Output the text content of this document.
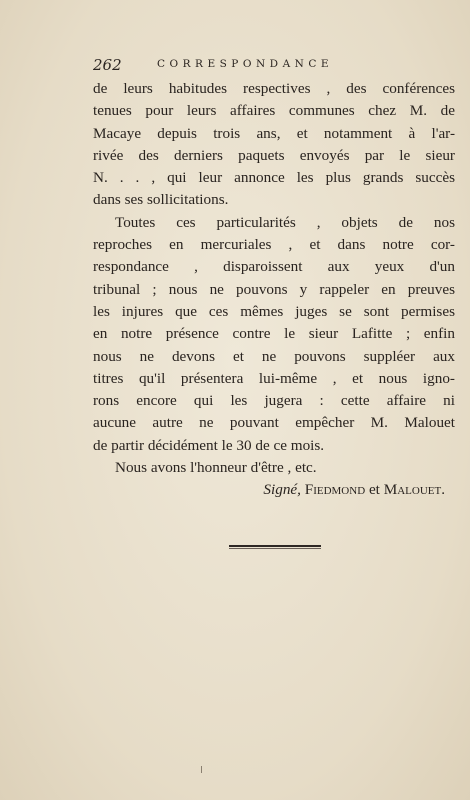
262	CORRESPONDANCE
de leurs habitudes respectives , des conférences
tenues pour leurs affaires communes chez M. de
Macaye depuis trois ans, et notamment à l'ar-
rivée des derniers paquets envoyés par le sieur
N. . . , qui leur annonce les plus grands succès
dans ses sollicitations.
Toutes ces particularités , objets de nos
reproches en mercuriales , et dans notre cor-
respondance , disparoissent aux yeux d'un
tribunal ; nous ne pouvons y rappeler en preuves
les injures que ces mêmes juges se sont permises
en notre présence contre le sieur Lafitte ; enfin
nous ne devons et ne pouvons suppléer aux
titres qu'il présentera lui-même , et nous igno-
rons encore qui les jugera : cette affaire ni
aucune autre ne pouvant empêcher M. Malouet
de partir décidément le 30 de ce mois.
Nous avons l'honneur d'être , etc.
Signé, Fiedmond et Malouet.
